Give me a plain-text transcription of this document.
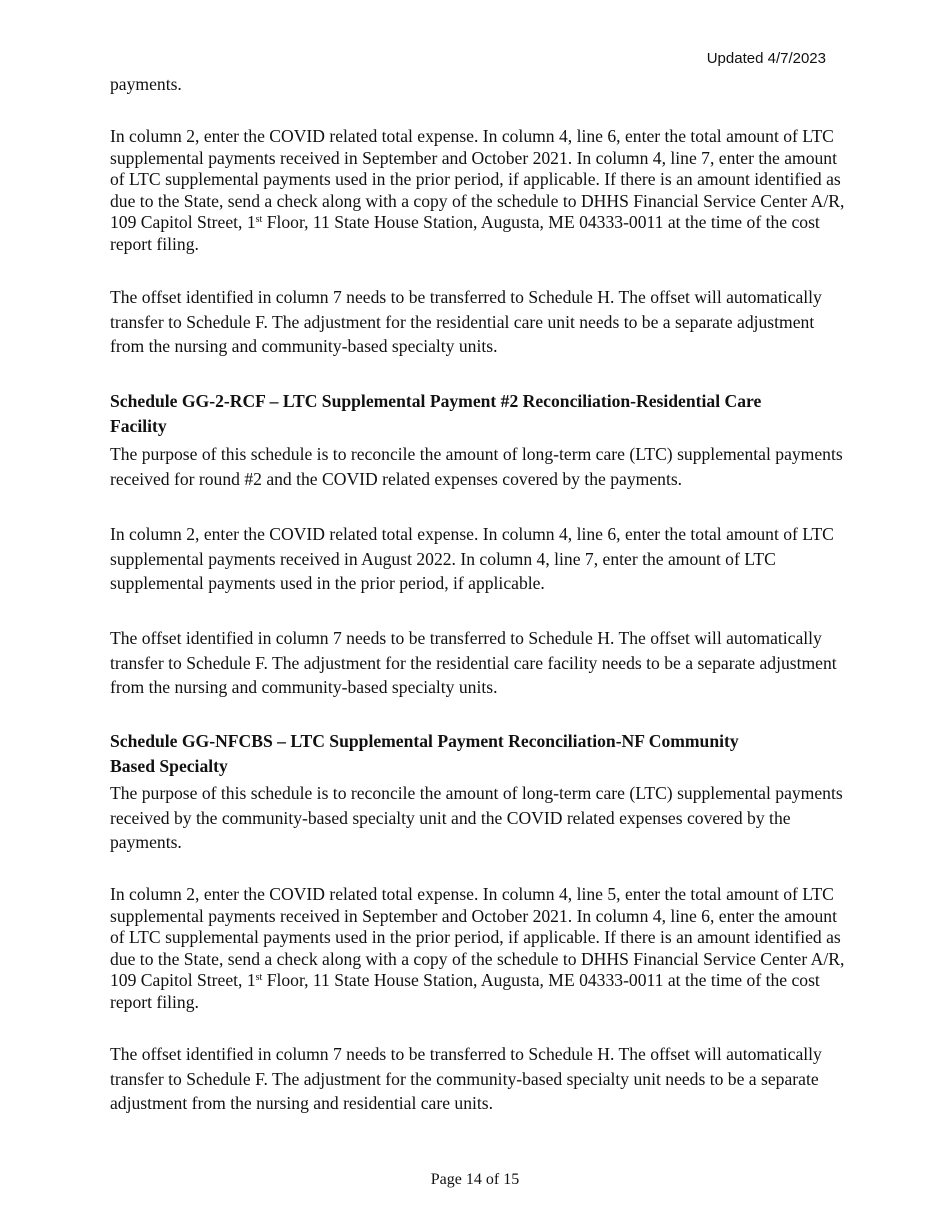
Updated 4/7/2023

payments.

In column 2, enter the COVID related total expense. In column 4, line 6, enter the total amount of LTC supplemental payments received in September and October 2021. In column 4, line 7, enter the amount of LTC supplemental payments used in the prior period, if applicable. If there is an amount identified as due to the State, send a check along with a copy of the schedule to DHHS Financial Service Center A/R, 109 Capitol Street, 1st Floor, 11 State House Station, Augusta, ME 04333-0011 at the time of the cost report filing.

The offset identified in column 7 needs to be transferred to Schedule H. The offset will automatically transfer to Schedule F. The adjustment for the residential care unit needs to be a separate adjustment from the nursing and community-based specialty units.

Schedule GG-2-RCF – LTC Supplemental Payment #2 Reconciliation-Residential Care
Facility

The purpose of this schedule is to reconcile the amount of long-term care (LTC) supplemental payments received for round #2 and the COVID related expenses covered by the payments.

In column 2, enter the COVID related total expense. In column 4, line 6, enter the total amount of LTC supplemental payments received in August 2022. In column 4, line 7, enter the amount of LTC supplemental payments used in the prior period, if applicable.

The offset identified in column 7 needs to be transferred to Schedule H. The offset will automatically transfer to Schedule F. The adjustment for the residential care facility needs to be a separate adjustment from the nursing and community-based specialty units.

Schedule GG-NFCBS – LTC Supplemental Payment Reconciliation-NF Community
Based Specialty

The purpose of this schedule is to reconcile the amount of long-term care (LTC) supplemental payments received by the community-based specialty unit and the COVID related expenses covered by the payments.

In column 2, enter the COVID related total expense. In column 4, line 5, enter the total amount of LTC supplemental payments received in September and October 2021. In column 4, line 6, enter the amount of LTC supplemental payments used in the prior period, if applicable. If there is an amount identified as due to the State, send a check along with a copy of the schedule to DHHS Financial Service Center A/R, 109 Capitol Street, 1st Floor, 11 State House Station, Augusta, ME 04333-0011 at the time of the cost report filing.

The offset identified in column 7 needs to be transferred to Schedule H. The offset will automatically transfer to Schedule F. The adjustment for the community-based specialty unit needs to be a separate adjustment from the nursing and residential care units.

Page 14 of 15
